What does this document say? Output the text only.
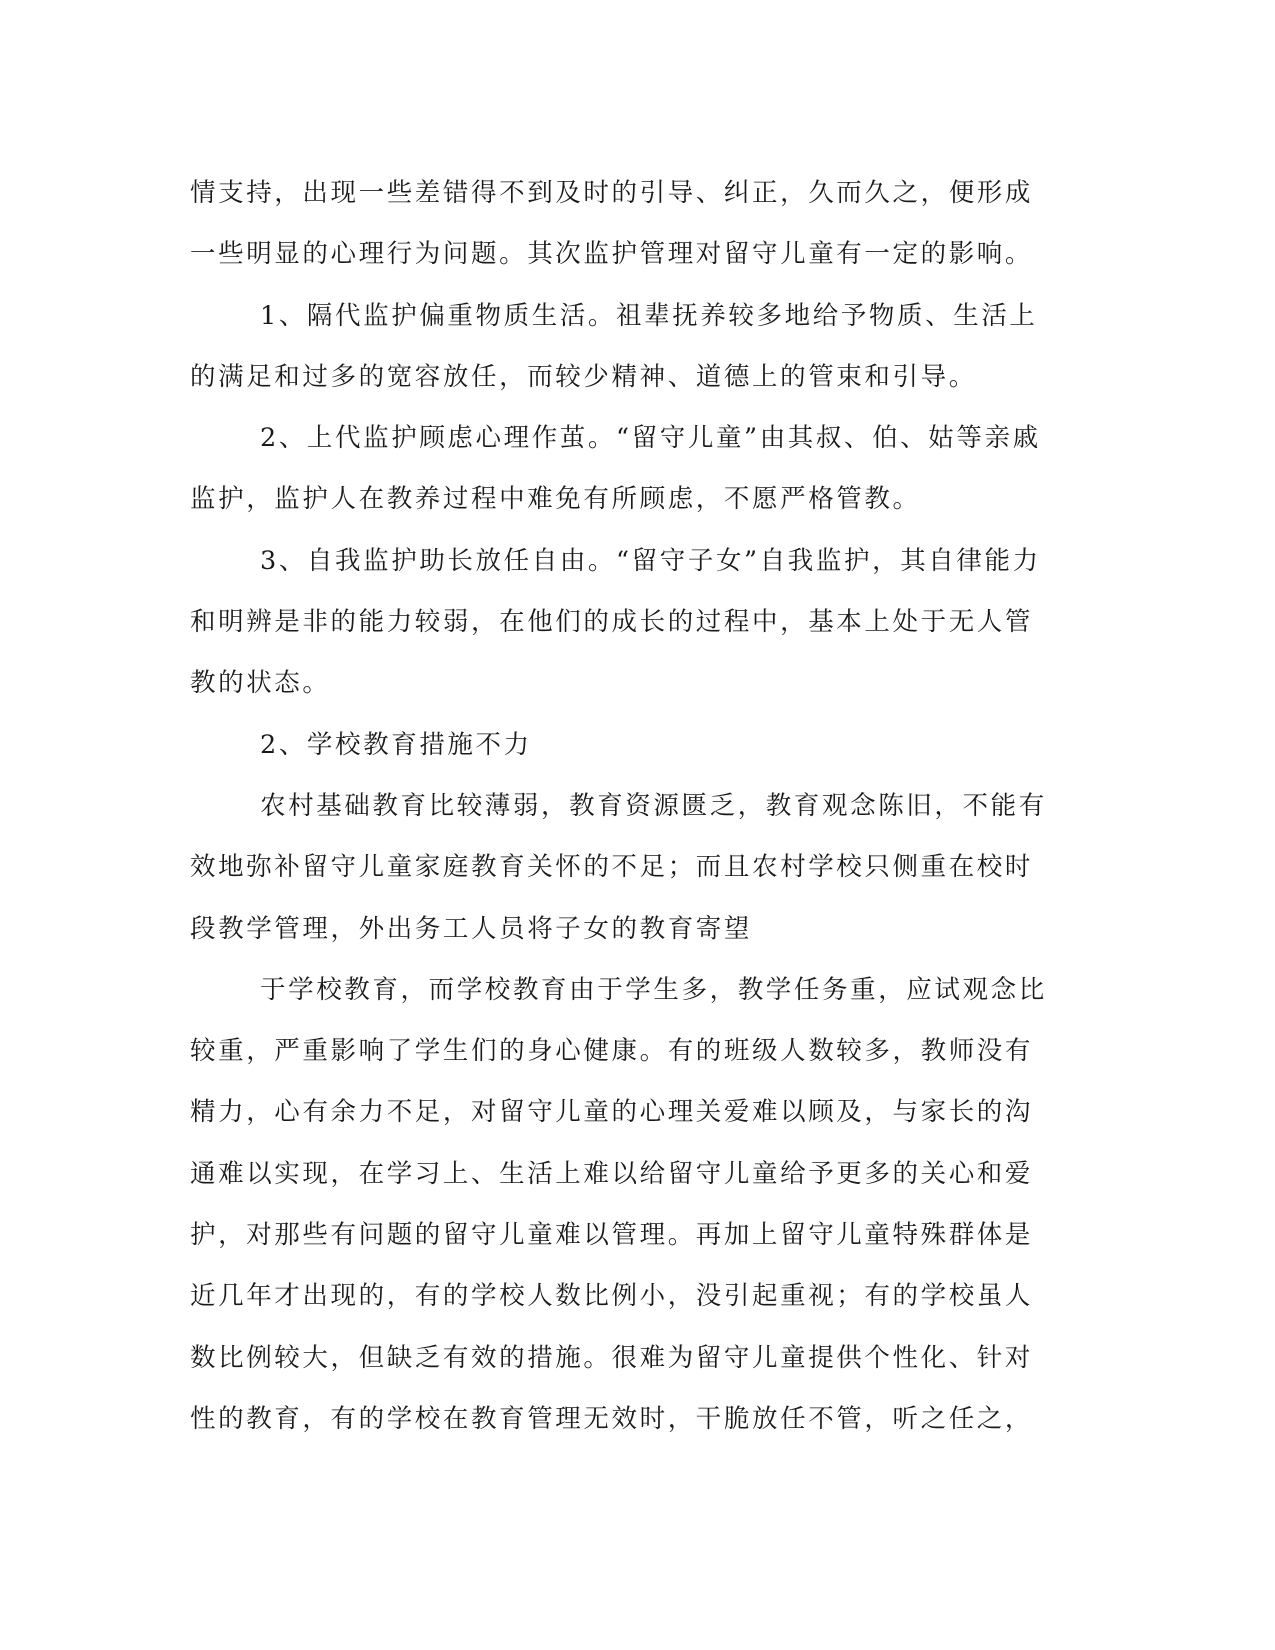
情支持，出现一些差错得不到及时的引导、纠正，久而久之，便形成
一些明显的心理行为问题。其次监护管理对留守儿童有一定的影响。
1、隔代监护偏重物质生活。祖辈抚养较多地给予物质、生活上
的满足和过多的宽容放任，而较少精神、道德上的管束和引导。
2、上代监护顾虑心理作茧。“留守儿童”由其叔、伯、姑等亲戚
监护，监护人在教养过程中难免有所顾虑，不愿严格管教。
3、自我监护助长放任自由。“留守子女”自我监护，其自律能力
和明辨是非的能力较弱，在他们的成长的过程中，基本上处于无人管
教的状态。
2、学校教育措施不力
农村基础教育比较薄弱，教育资源匮乏，教育观念陈旧，不能有
效地弥补留守儿童家庭教育关怀的不足；而且农村学校只侧重在校时
段教学管理，外出务工人员将子女的教育寄望
于学校教育，而学校教育由于学生多，教学任务重，应试观念比
较重，严重影响了学生们的身心健康。有的班级人数较多，教师没有
精力，心有余力不足，对留守儿童的心理关爱难以顾及，与家长的沟
通难以实现，在学习上、生活上难以给留守儿童给予更多的关心和爱
护，对那些有问题的留守儿童难以管理。再加上留守儿童特殊群体是
近几年才出现的，有的学校人数比例小，没引起重视；有的学校虽人
数比例较大，但缺乏有效的措施。很难为留守儿童提供个性化、针对
性的教育，有的学校在教育管理无效时，干脆放任不管，听之任之，
